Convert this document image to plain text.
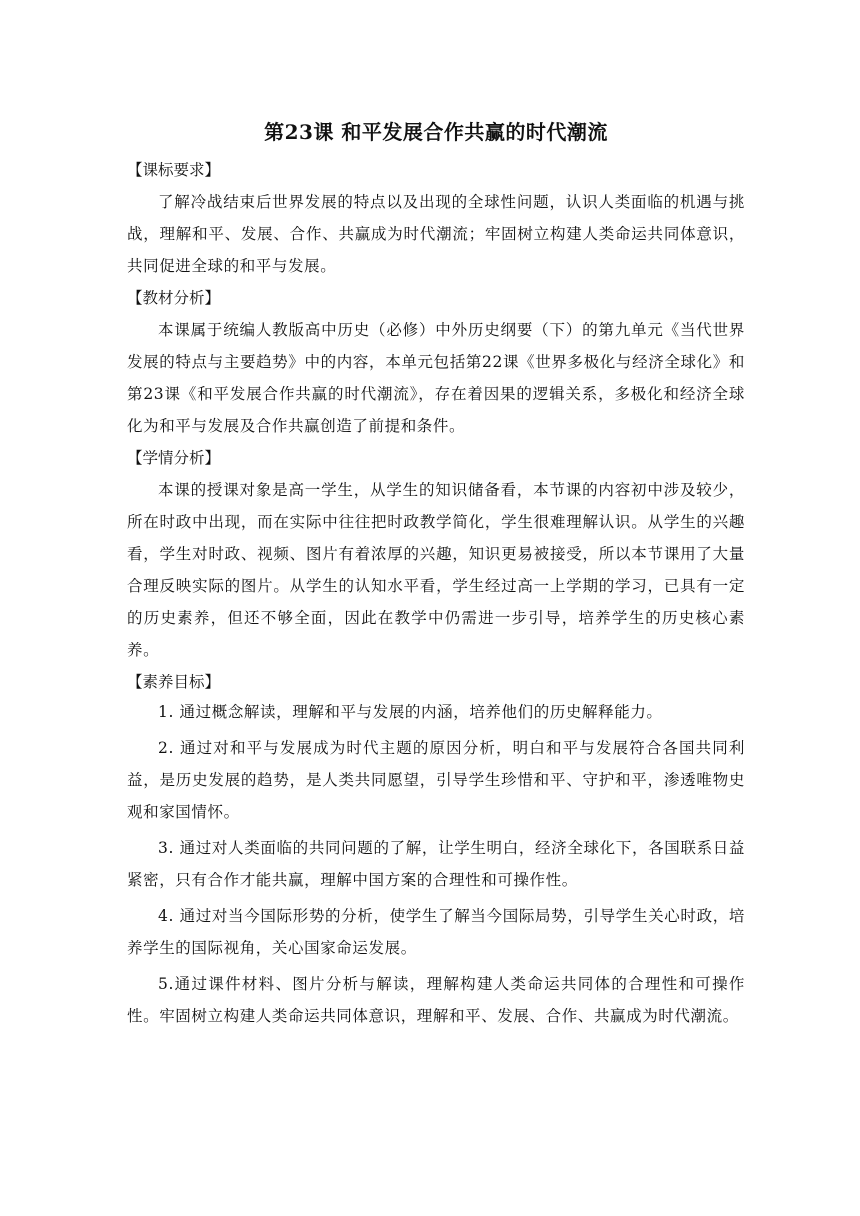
第23课 和平发展合作共赢的时代潮流
【课标要求】

了解冷战结束后世界发展的特点以及出现的全球性问题，认识人类面临的机遇与挑战，理解和平、发展、合作、共赢成为时代潮流；牢固树立构建人类命运共同体意识，共同促进全球的和平与发展。

【教材分析】

本课属于统编人教版高中历史（必修）中外历史纲要（下）的第九单元《当代世界发展的特点与主要趋势》中的内容，本单元包括第22课《世界多极化与经济全球化》和第23课《和平发展合作共赢的时代潮流》，存在着因果的逻辑关系，多极化和经济全球化为和平与发展及合作共赢创造了前提和条件。

【学情分析】

本课的授课对象是高一学生，从学生的知识储备看，本节课的内容初中涉及较少，所在时政中出现，而在实际中往往把时政教学简化，学生很难理解认识。从学生的兴趣看，学生对时政、视频、图片有着浓厚的兴趣，知识更易被接受，所以本节课用了大量合理反映实际的图片。从学生的认知水平看，学生经过高一上学期的学习，已具有一定的历史素养，但还不够全面，因此在教学中仍需进一步引导，培养学生的历史核心素养。

【素养目标】

1. 通过概念解读，理解和平与发展的内涵，培养他们的历史解释能力。

2. 通过对和平与发展成为时代主题的原因分析，明白和平与发展符合各国共同利益，是历史发展的趋势，是人类共同愿望，引导学生珍惜和平、守护和平，渗透唯物史观和家国情怀。

3. 通过对人类面临的共同问题的了解，让学生明白，经济全球化下，各国联系日益紧密，只有合作才能共赢，理解中国方案的合理性和可操作性。

4. 通过对当今国际形势的分析，使学生了解当今国际局势，引导学生关心时政，培养学生的国际视角，关心国家命运发展。

5.通过课件材料、图片分析与解读，理解构建人类命运共同体的合理性和可操作性。牢固树立构建人类命运共同体意识，理解和平、发展、合作、共赢成为时代潮流。
